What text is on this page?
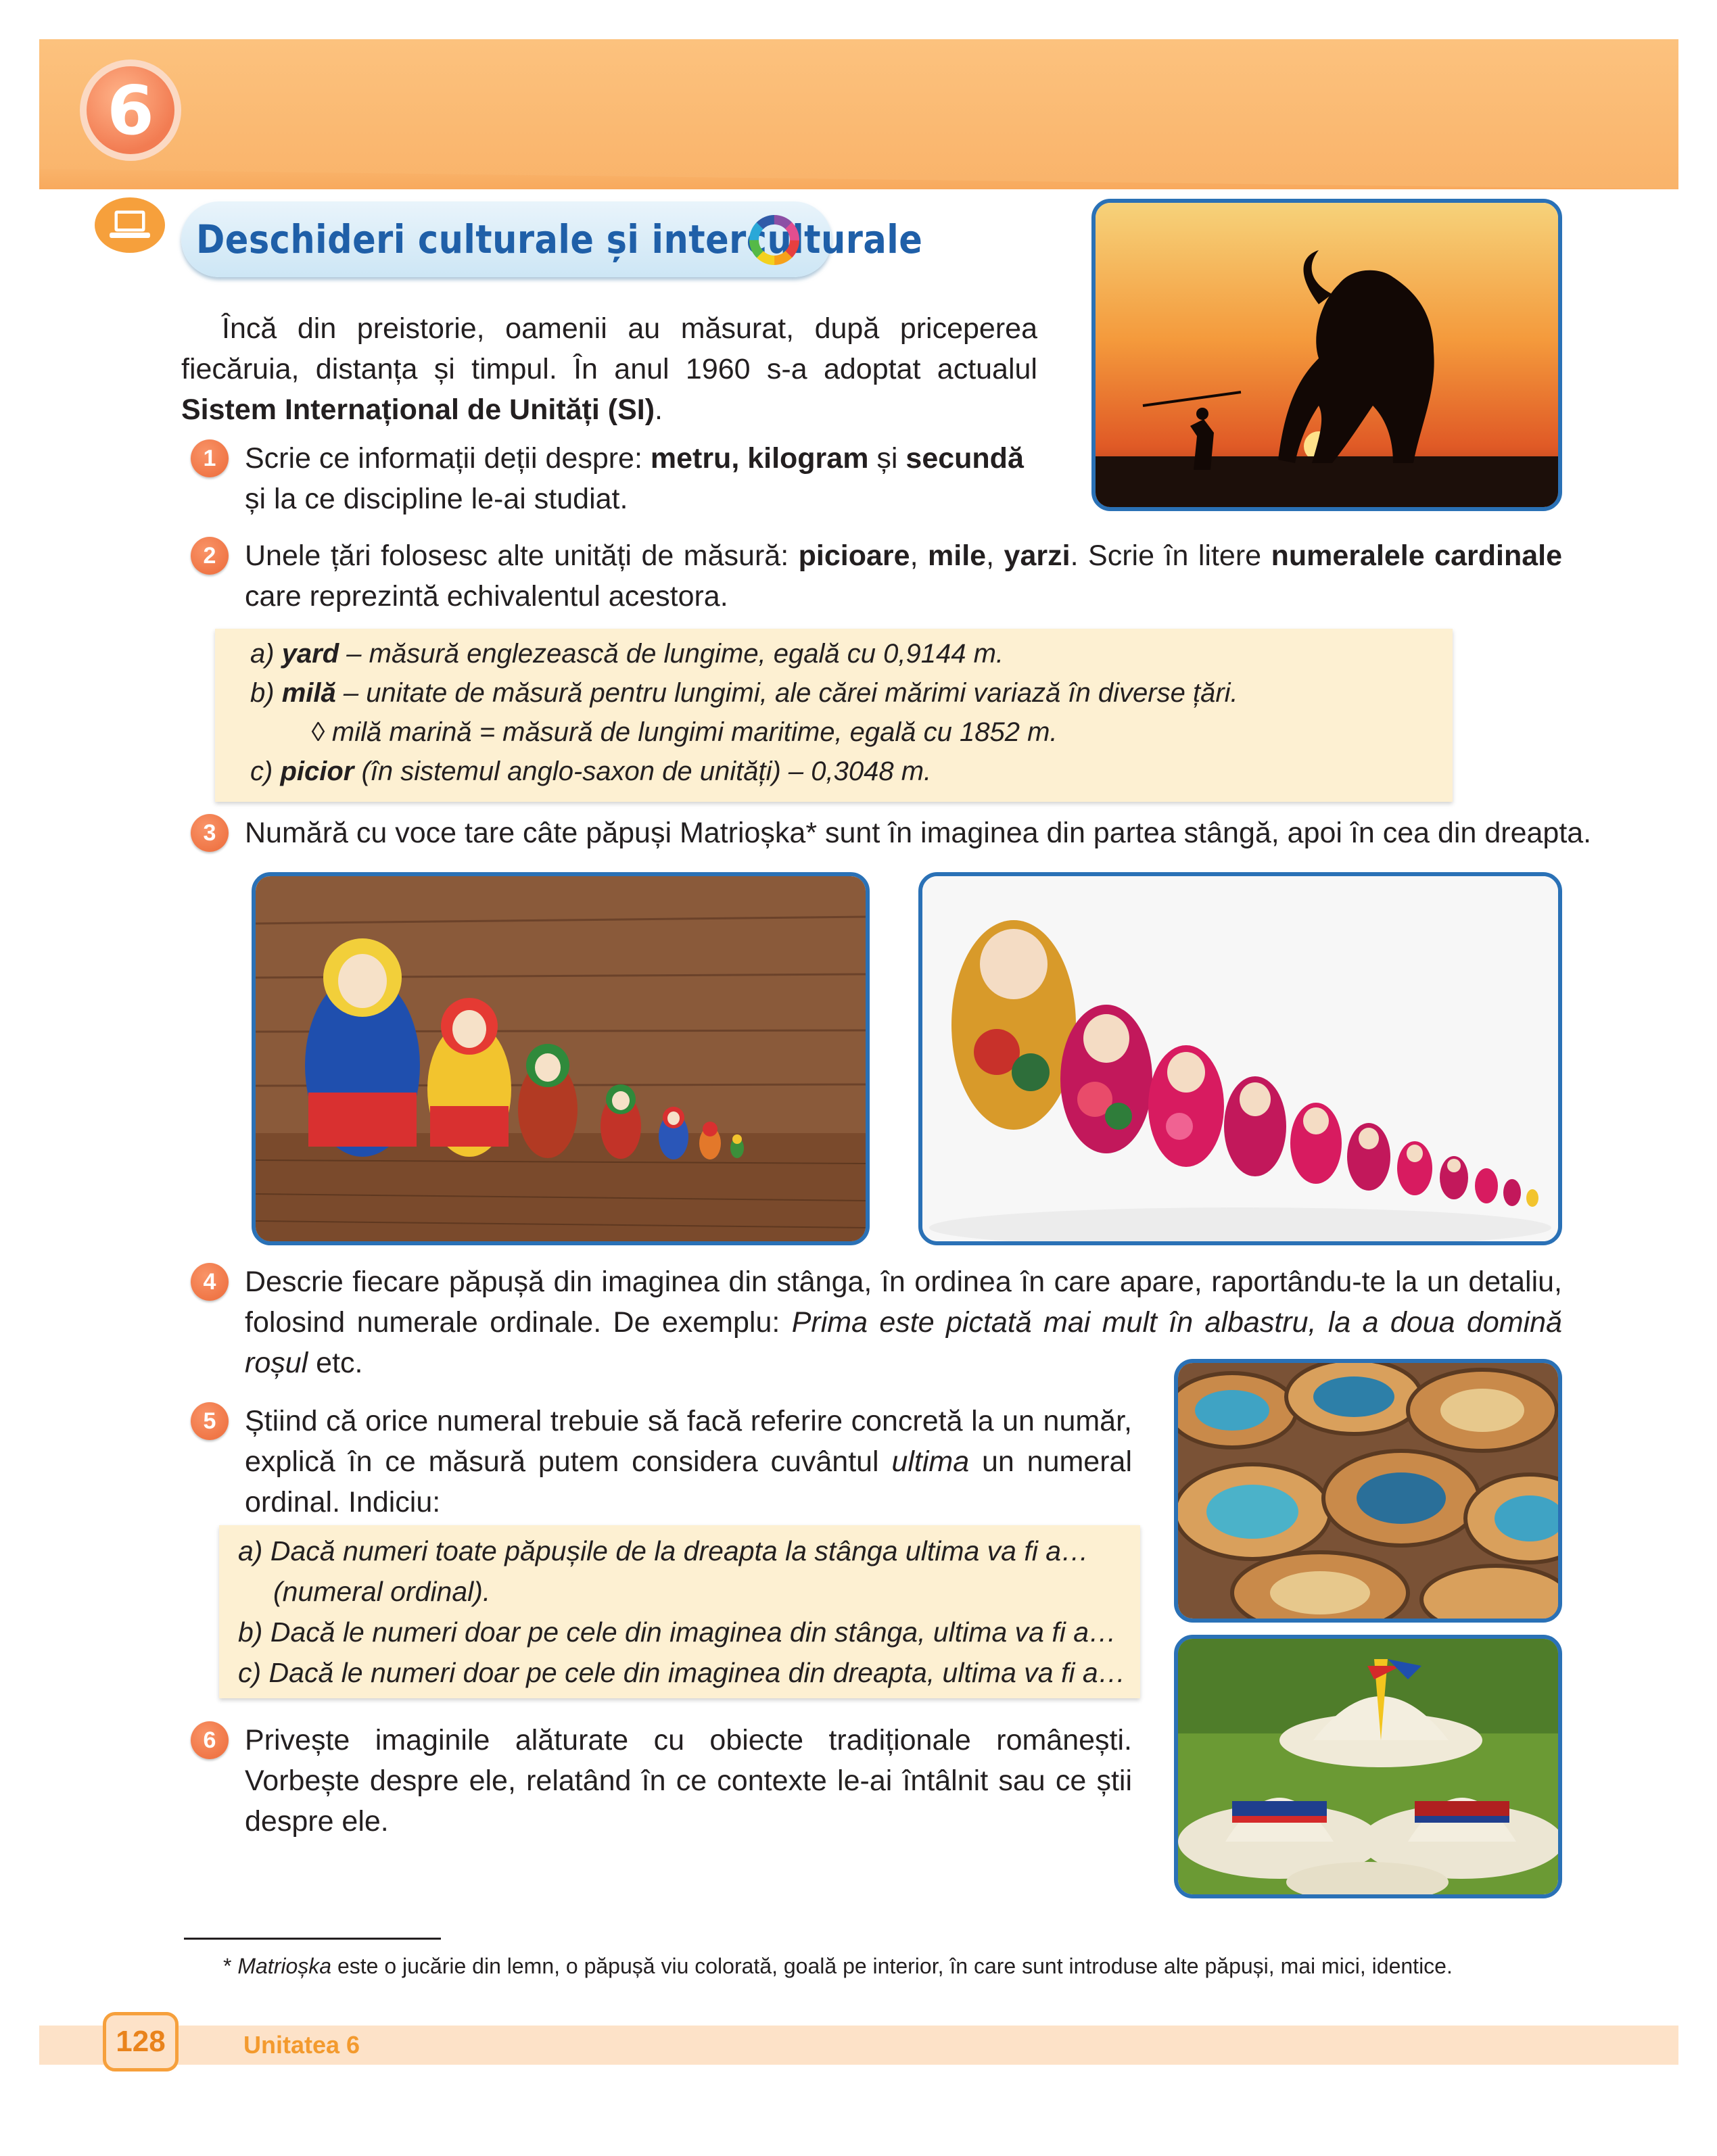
6
Deschideri culturale și interculturale
Încă din preistorie, oamenii au măsurat, după priceperea fiecăruia, distanța și timpul. În anul 1960 s-a adoptat actualul Sistem Internațional de Unități (SI).
1 Scrie ce informații deții despre: metru, kilogram și secundă și la ce discipline le-ai studiat.
2 Unele țări folosesc alte unități de măsură: picioare, mile, yarzi. Scrie în litere numeralele cardinale care reprezintă echivalentul acestora.
a) yard – măsură englezească de lungime, egală cu 0,9144 m.
b) milă – unitate de măsură pentru lungimi, ale cărei mărimi variază în diverse țări.
◊ milă marină = măsură de lungimi maritime, egală cu 1852 m.
c) picior (în sistemul anglo-saxon de unități) – 0,3048 m.
3 Numără cu voce tare câte păpuși Matrioșka* sunt în imaginea din partea stângă, apoi în cea din dreapta.
4 Descrie fiecare păpușă din imaginea din stânga, în ordinea în care apare, raportându-te la un detaliu, folosind numerale ordinale. De exemplu: Prima este pictată mai mult în albastru, la a doua domină roșul etc.
5 Știind că orice numeral trebuie să facă referire concretă la un număr, explică în ce măsură putem considera cuvântul ultima un numeral ordinal. Indiciu:
a) Dacă numeri toate păpușile de la dreapta la stânga ultima va fi a…
(numeral ordinal).
b) Dacă le numeri doar pe cele din imaginea din stânga, ultima va fi a…
c) Dacă le numeri doar pe cele din imaginea din dreapta, ultima va fi a…
6 Privește imaginile alăturate cu obiecte tradiționale românești. Vorbește despre ele, relatând în ce contexte le-ai întâlnit sau ce știi despre ele.
* Matrioșka este o jucărie din lemn, o păpușă viu colorată, goală pe interior, în care sunt introduse alte păpuși, mai mici, identice.
128	Unitatea 6
